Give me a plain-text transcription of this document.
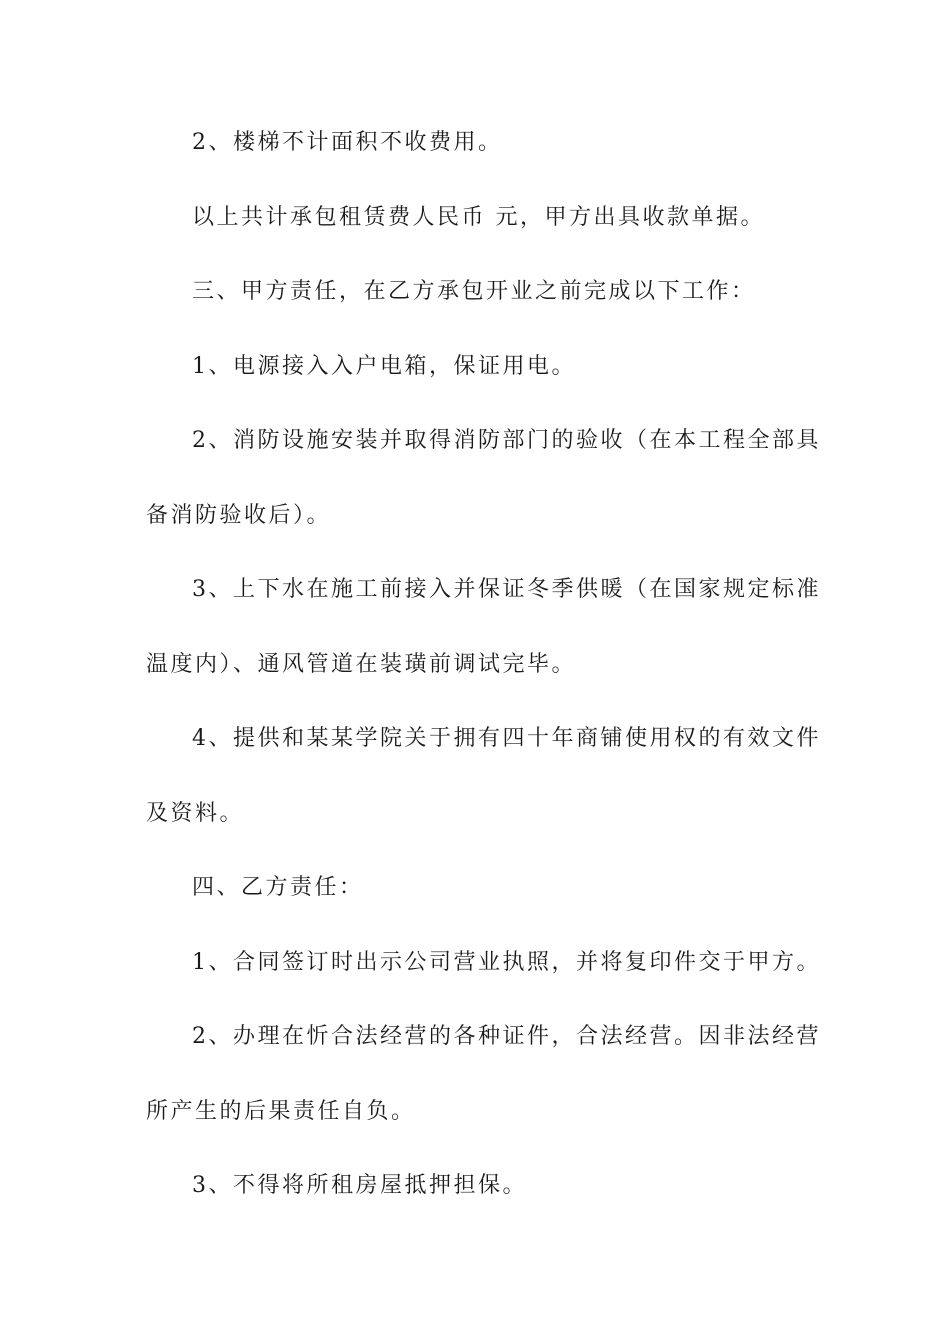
2、楼梯不计面积不收费用。
以上共计承包租赁费人民币 元，甲方出具收款单据。
三、甲方责任，在乙方承包开业之前完成以下工作：
1、电源接入入户电箱，保证用电。
2、消防设施安装并取得消防部门的验收（在本工程全部具
备消防验收后）。
3、上下水在施工前接入并保证冬季供暖（在国家规定标准
温度内）、通风管道在装璜前调试完毕。
4、提供和某某学院关于拥有四十年商铺使用权的有效文件
及资料。
四、乙方责任：
1、合同签订时出示公司营业执照，并将复印件交于甲方。
2、办理在忻合法经营的各种证件，合法经营。因非法经营
所产生的后果责任自负。
3、不得将所租房屋抵押担保。
